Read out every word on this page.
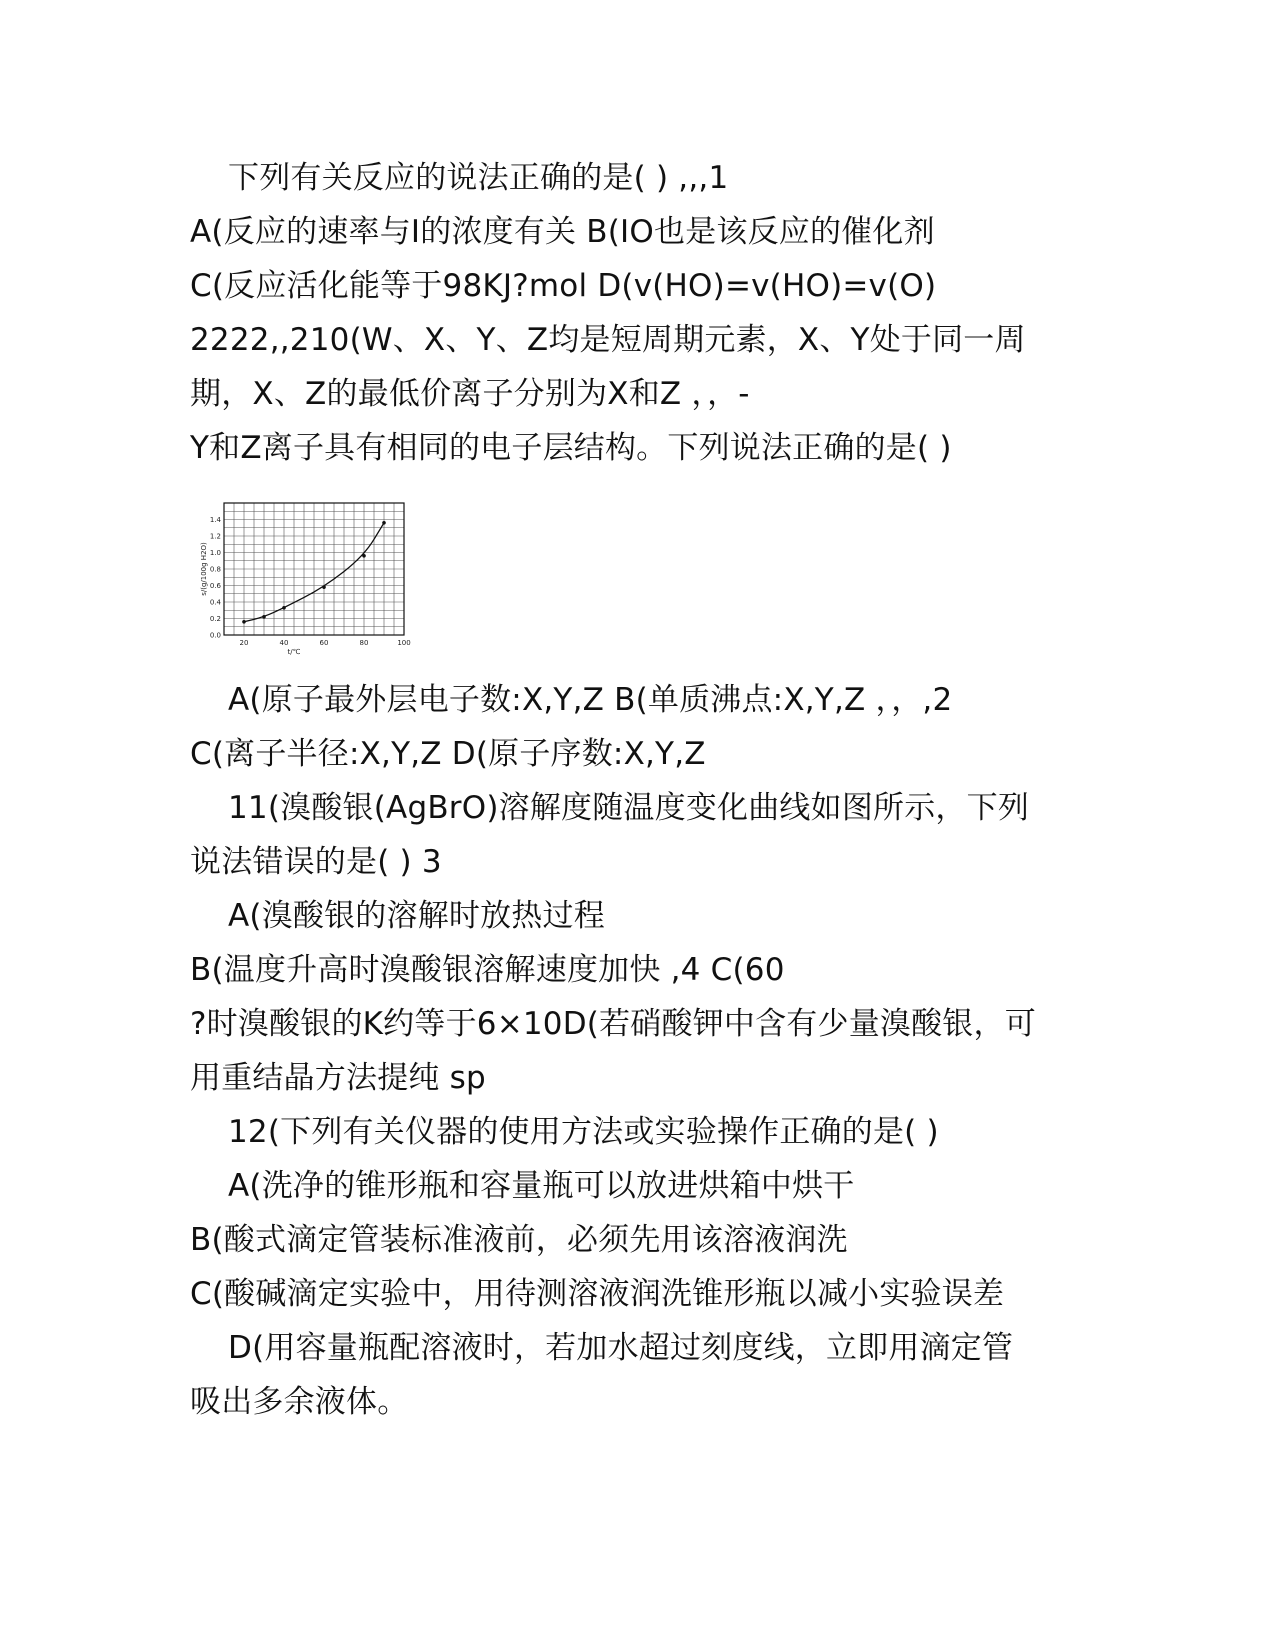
下列有关反应的说法正确的是( ) ,,,1
A(反应的速率与I的浓度有关 B(IO也是该反应的催化剂
C(反应活化能等于98KJ?mol D(v(HO)=v(HO)=v(O)
2222,,210(W、X、Y、Z均是短周期元素，X、Y处于同一周
期，X、Z的最低价离子分别为X和Z ，，-
Y和Z离子具有相同的电子层结构。下列说法正确的是( )
0.0
0.2
0.4
0.6
0.8
1.0
1.2
1.4
20	40	60	80	100
t/℃
s/(g/100g H2O)
A(原子最外层电子数:X,Y,Z B(单质沸点:X,Y,Z ，，,2
C(离子半径:X,Y,Z D(原子序数:X,Y,Z
11(溴酸银(AgBrO)溶解度随温度变化曲线如图所示，下列
说法错误的是( ) 3
A(溴酸银的溶解时放热过程
B(温度升高时溴酸银溶解速度加快 ,4 C(60
?时溴酸银的K约等于6×10D(若硝酸钾中含有少量溴酸银，可
用重结晶方法提纯 sp
12(下列有关仪器的使用方法或实验操作正确的是( )
A(洗净的锥形瓶和容量瓶可以放进烘箱中烘干
B(酸式滴定管装标准液前，必须先用该溶液润洗
C(酸碱滴定实验中，用待测溶液润洗锥形瓶以减小实验误差
D(用容量瓶配溶液时，若加水超过刻度线，立即用滴定管
吸出多余液体。
